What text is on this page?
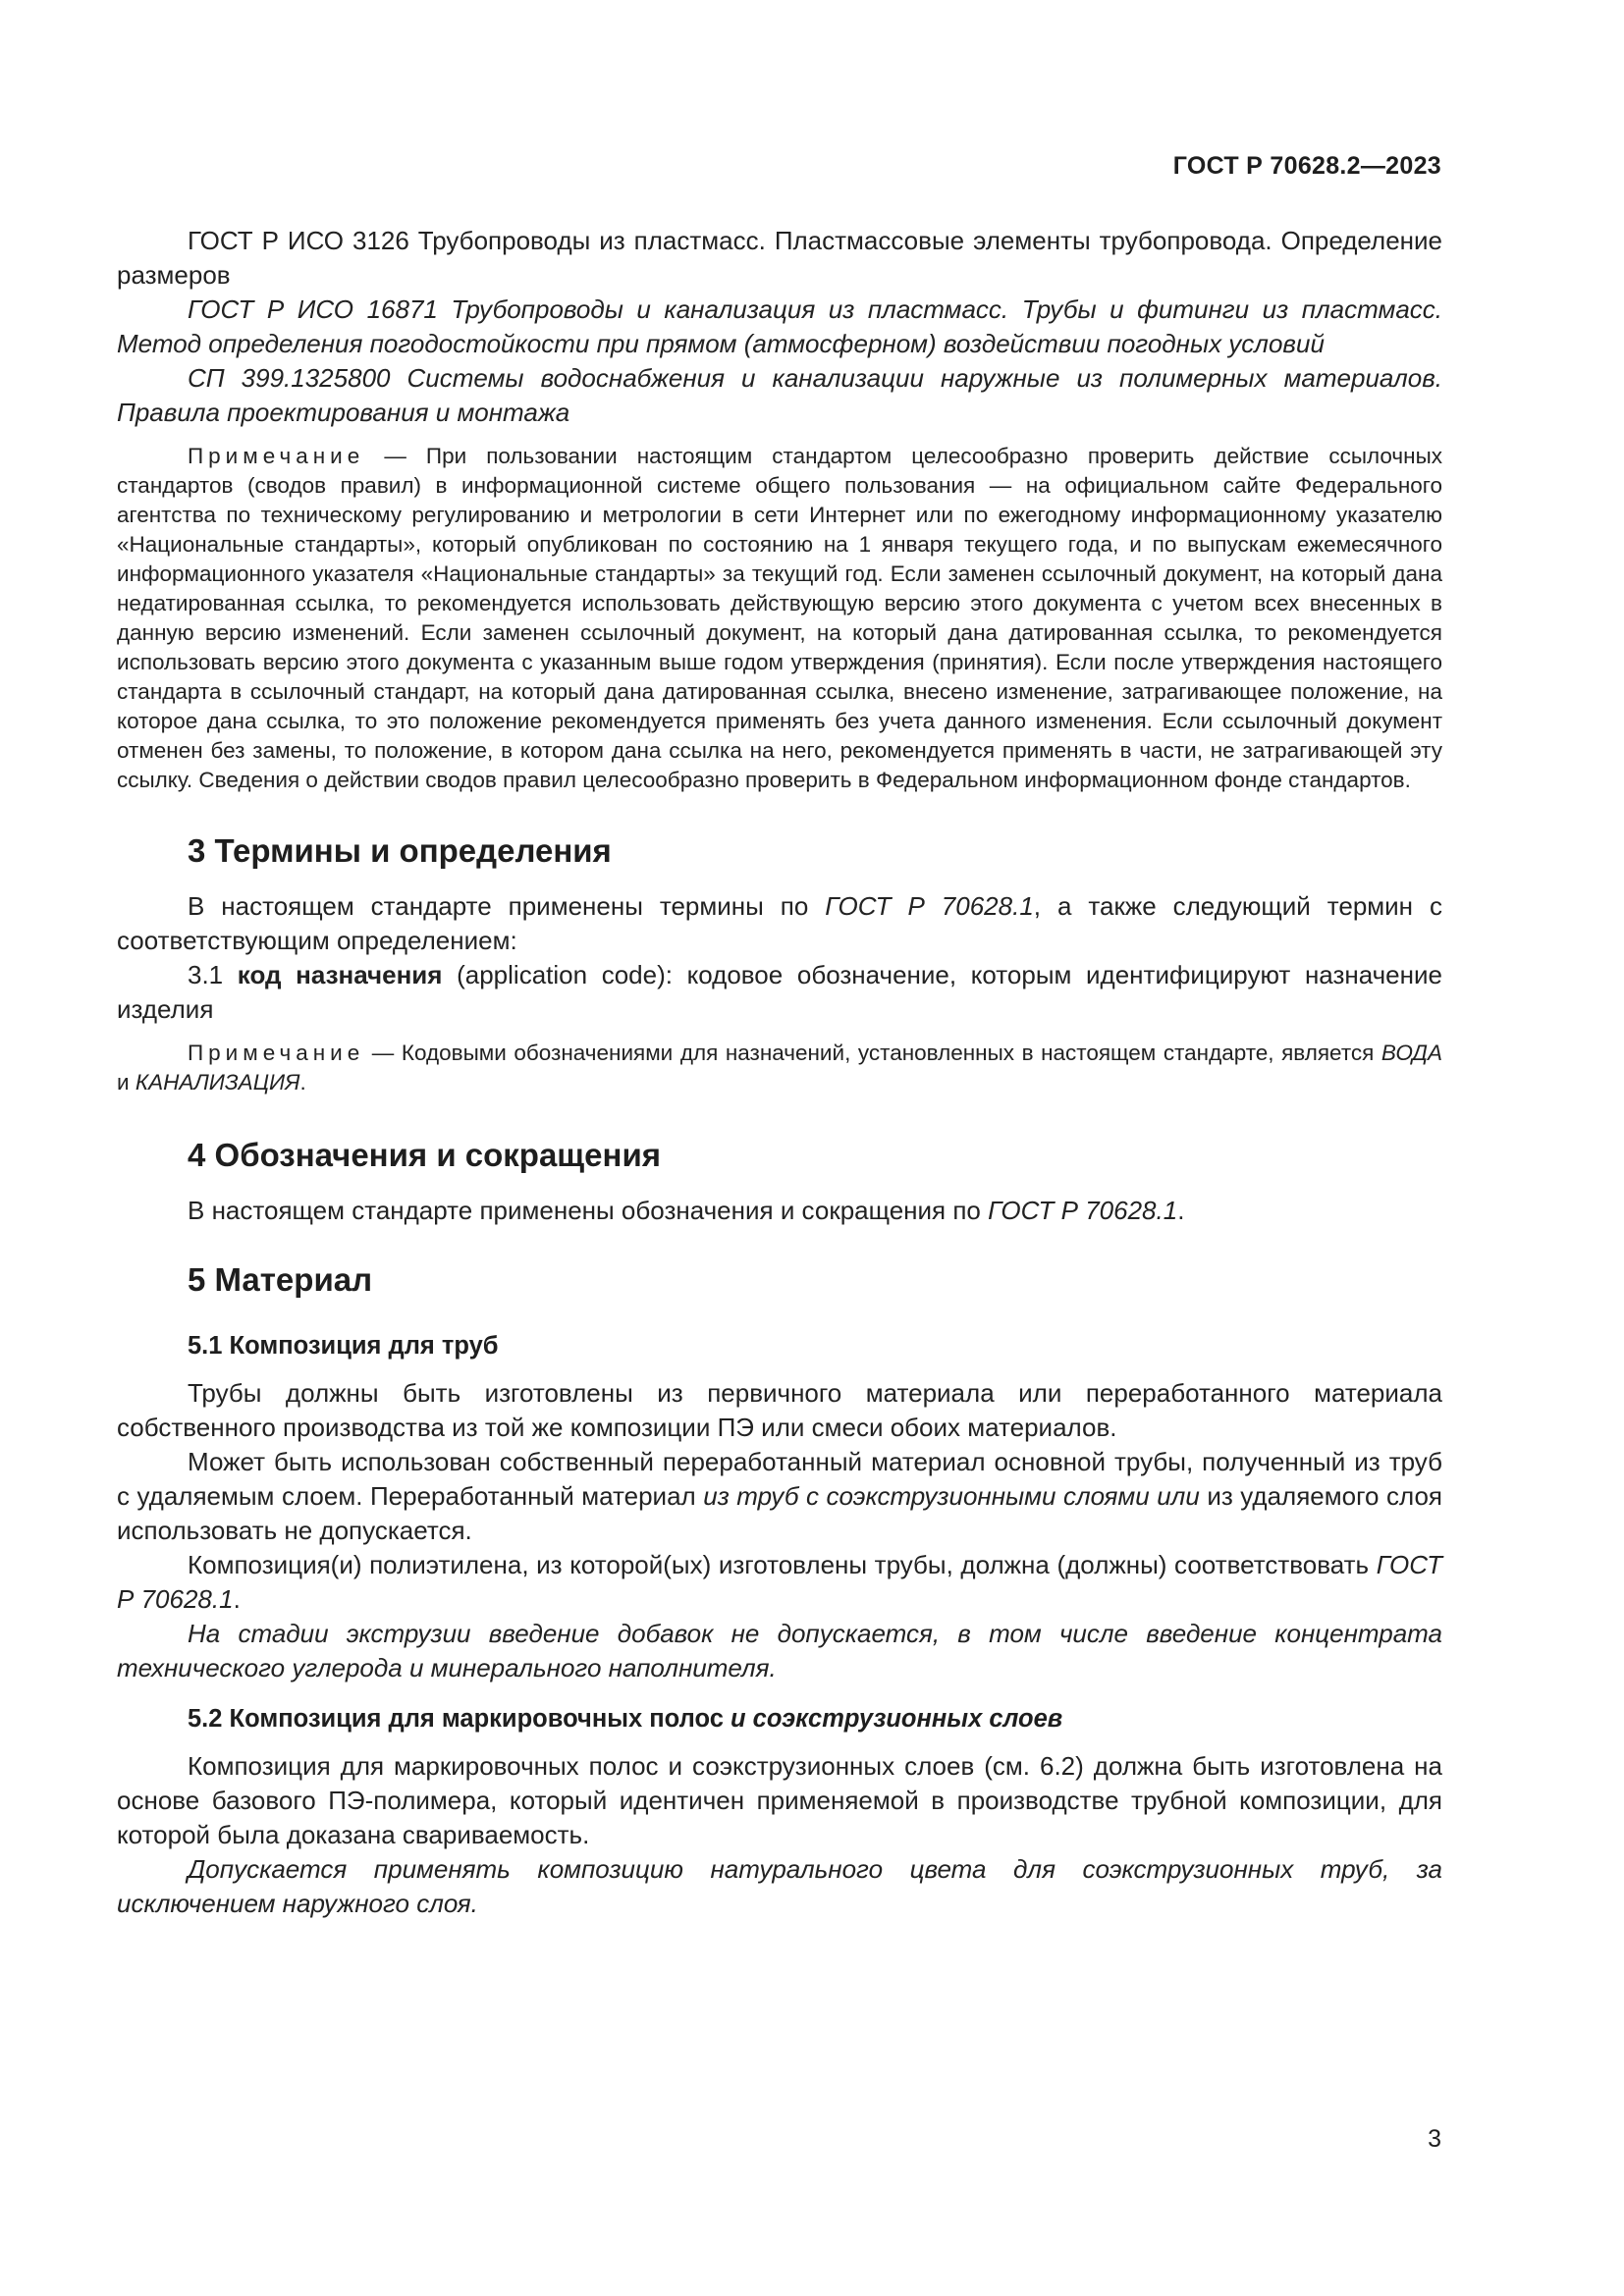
ГОСТ Р 70628.2—2023

ГОСТ Р ИСО 3126 Трубопроводы из пластмасс. Пластмассовые элементы трубопровода. Определение размеров

ГОСТ Р ИСО 16871 Трубопроводы и канализация из пластмасс. Трубы и фитинги из пластмасс. Метод определения погодостойкости при прямом (атмосферном) воздействии погодных условий

СП 399.1325800 Системы водоснабжения и канализации наружные из полимерных материалов. Правила проектирования и монтажа

Примечание — При пользовании настоящим стандартом целесообразно проверить действие ссылочных стандартов (сводов правил) в информационной системе общего пользования — на официальном сайте Федерального агентства по техническому регулированию и метрологии в сети Интернет или по ежегодному информационному указателю «Национальные стандарты», который опубликован по состоянию на 1 января текущего года, и по выпускам ежемесячного информационного указателя «Национальные стандарты» за текущий год. Если заменен ссылочный документ, на который дана недатированная ссылка, то рекомендуется использовать действующую версию этого документа с учетом всех внесенных в данную версию изменений. Если заменен ссылочный документ, на который дана датированная ссылка, то рекомендуется использовать версию этого документа с указанным выше годом утверждения (принятия). Если после утверждения настоящего стандарта в ссылочный стандарт, на который дана датированная ссылка, внесено изменение, затрагивающее положение, на которое дана ссылка, то это положение рекомендуется применять без учета данного изменения. Если ссылочный документ отменен без замены, то положение, в котором дана ссылка на него, рекомендуется применять в части, не затрагивающей эту ссылку. Сведения о действии сводов правил целесообразно проверить в Федеральном информационном фонде стандартов.

3 Термины и определения

В настоящем стандарте применены термины по ГОСТ Р 70628.1, а также следующий термин с соответствующим определением:

3.1 код назначения (application code): кодовое обозначение, которым идентифицируют назначение изделия

Примечание — Кодовыми обозначениями для назначений, установленных в настоящем стандарте, является ВОДА и КАНАЛИЗАЦИЯ.

4 Обозначения и сокращения

В настоящем стандарте применены обозначения и сокращения по ГОСТ Р 70628.1.

5 Материал
5.1 Композиция для труб

Трубы должны быть изготовлены из первичного материала или переработанного материала собственного производства из той же композиции ПЭ или смеси обоих материалов.

Может быть использован собственный переработанный материал основной трубы, полученный из труб с удаляемым слоем. Переработанный материал из труб с соэкструзионными слоями или из удаляемого слоя использовать не допускается.

Композиция(и) полиэтилена, из которой(ых) изготовлены трубы, должна (должны) соответствовать ГОСТ Р 70628.1.

На стадии экструзии введение добавок не допускается, в том числе введение концентрата технического углерода и минерального наполнителя.

5.2 Композиция для маркировочных полос и соэкструзионных слоев

Композиция для маркировочных полос и соэкструзионных слоев (см. 6.2) должна быть изготовлена на основе базового ПЭ-полимера, который идентичен применяемой в производстве трубной композиции, для которой была доказана свариваемость.

Допускается применять композицию натурального цвета для соэкструзионных труб, за исключением наружного слоя.

3
